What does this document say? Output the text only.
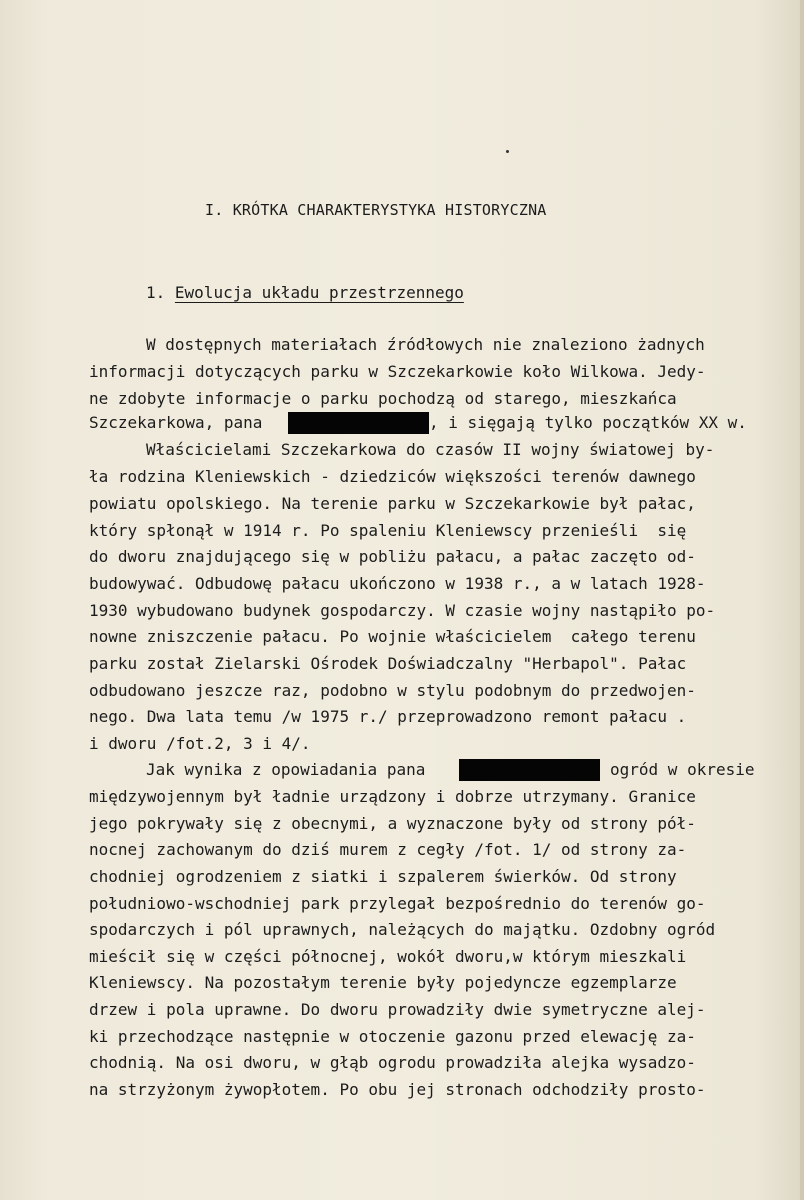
I. KRÓTKA CHARAKTERYSTYKA HISTORYCZNA
1. Ewolucja układu przestrzennego

W dostępnych materiałach źródłowych nie znaleziono żadnych

informacji dotyczących parku w Szczekarkowie koło Wilkowa. Jedy-

ne zdobyte informacje o parku pochodzą od starego, mieszkańca

Szczekarkowa, pana

	, i sięgają tylko początków XX w.

Właścicielami Szczekarkowa do czasów II wojny światowej by-

ła rodzina Kleniewskich - dziedziców większości terenów dawnego

powiatu opolskiego. Na terenie parku w Szczekarkowie był pałac,

który spłonął w 1914 r. Po spaleniu Kleniewscy przenieśli  się

do dworu znajdującego się w pobliżu pałacu, a pałac zaczęto od-

budowywać. Odbudowę pałacu ukończono w 1938 r., a w latach 1928-

1930 wybudowano budynek gospodarczy. W czasie wojny nastąpiło po-

nowne zniszczenie pałacu. Po wojnie właścicielem  całego terenu

parku został Zielarski Ośrodek Doświadczalny "Herbapol". Pałac

odbudowano jeszcze raz, podobno w stylu podobnym do przedwojen-

nego. Dwa lata temu /w 1975 r./ przeprowadzono remont pałacu .

i dworu /fot.2, 3 i 4/.

Jak wynika z opowiadania pana

	ogród w okresie

międzywojennym był ładnie urządzony i dobrze utrzymany. Granice

jego pokrywały się z obecnymi, a wyznaczone były od strony pół-

nocnej zachowanym do dziś murem z cegły /fot. 1/ od strony za-

chodniej ogrodzeniem z siatki i szpalerem świerków. Od strony

południowo-wschodniej park przylegał bezpośrednio do terenów go-

spodarczych i pól uprawnych, należących do majątku. Ozdobny ogród

mieścił się w części północnej, wokół dworu,w którym mieszkali

Kleniewscy. Na pozostałym terenie były pojedyncze egzemplarze

drzew i pola uprawne. Do dworu prowadziły dwie symetryczne alej-

ki przechodzące następnie w otoczenie gazonu przed elewację za-

chodnią. Na osi dworu, w głąb ogrodu prowadziła alejka wysadzo-

na strzyżonym żywopłotem. Po obu jej stronach odchodziły prosto-
